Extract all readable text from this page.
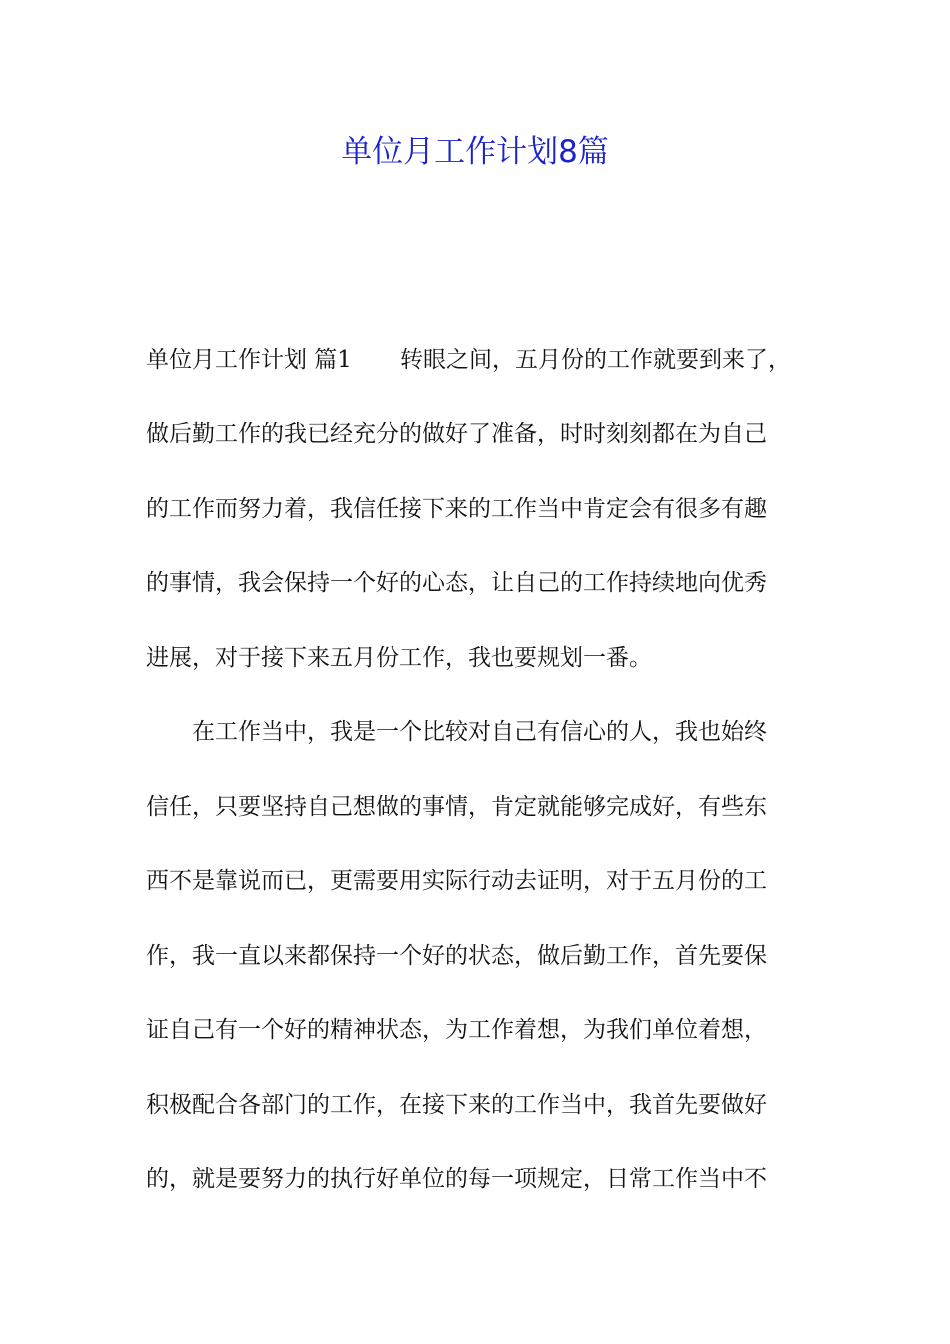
单位月工作计划8篇

单位月工作计划 篇1 转眼之间，五月份的工作就要到来了，

做后勤工作的我已经充分的做好了准备，时时刻刻都在为自己

的工作而努力着，我信任接下来的工作当中肯定会有很多有趣

的事情，我会保持一个好的心态，让自己的工作持续地向优秀

进展，对于接下来五月份工作，我也要规划一番。

在工作当中，我是一个比较对自己有信心的人，我也始终

信任，只要坚持自己想做的事情，肯定就能够完成好，有些东

西不是靠说而已，更需要用实际行动去证明，对于五月份的工

作，我一直以来都保持一个好的状态，做后勤工作，首先要保

证自己有一个好的精神状态，为工作着想，为我们单位着想，

积极配合各部门的工作，在接下来的工作当中，我首先要做好

的，就是要努力的执行好单位的每一项规定，日常工作当中不
